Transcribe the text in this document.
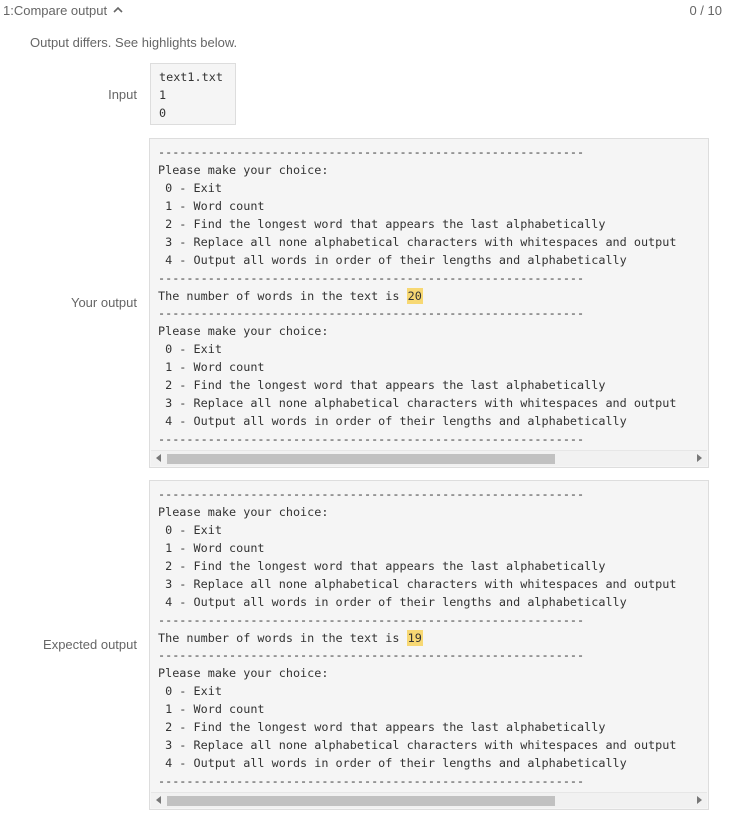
1:Compare output	0 / 10
Output differs. See highlights below.
Input

text1.txt
1
0

Your output

------------------------------------------------------------
Please make your choice:
0 - Exit
1 - Word count
2 - Find the longest word that appears the last alphabetically
3 - Replace all none alphabetical characters with whitespaces and output
4 - Output all words in order of their lengths and alphabetically
------------------------------------------------------------
The number of words in the text is 20
------------------------------------------------------------
Please make your choice:
0 - Exit
1 - Word count
2 - Find the longest word that appears the last alphabetically
3 - Replace all none alphabetical characters with whitespaces and output
4 - Output all words in order of their lengths and alphabetically
------------------------------------------------------------

Expected output

------------------------------------------------------------
Please make your choice:
0 - Exit
1 - Word count
2 - Find the longest word that appears the last alphabetically
3 - Replace all none alphabetical characters with whitespaces and output
4 - Output all words in order of their lengths and alphabetically
------------------------------------------------------------
The number of words in the text is 19
------------------------------------------------------------
Please make your choice:
0 - Exit
1 - Word count
2 - Find the longest word that appears the last alphabetically
3 - Replace all none alphabetical characters with whitespaces and output
4 - Output all words in order of their lengths and alphabetically
------------------------------------------------------------
